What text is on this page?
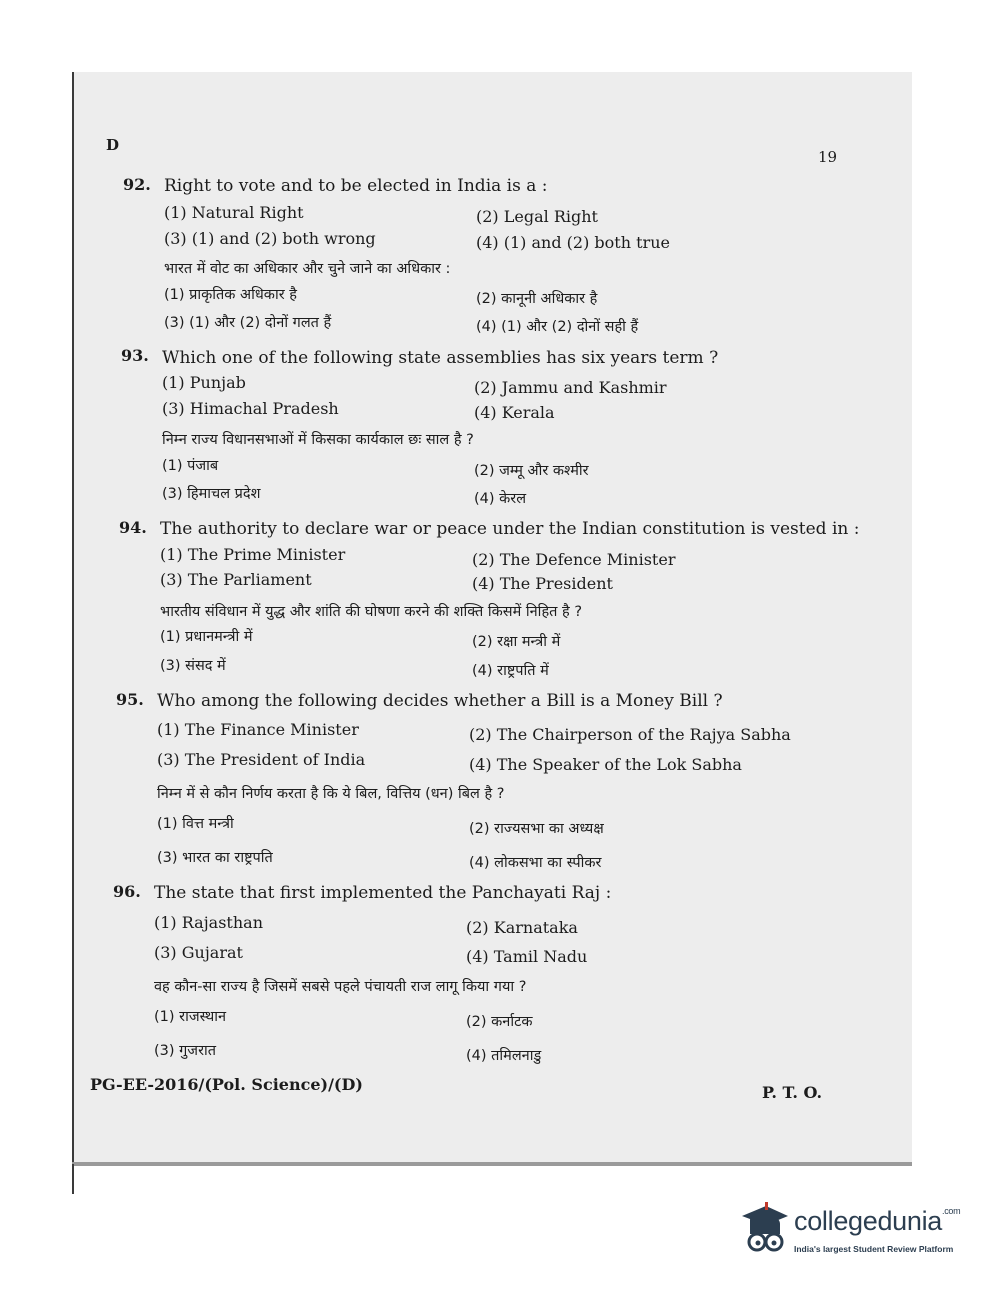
D
19
92. Right to vote and to be elected in India is a :
(1) Natural Right	(2) Legal Right
(3) (1) and (2) both wrong	(4) (1) and (2) both true
भारत में वोट का अधिकार और चुने जाने का अधिकार :
(1) प्राकृतिक अधिकार है	(2) कानूनी अधिकार है
(3) (1) और (2) दोनों गलत हैं	(4) (1) और (2) दोनों सही हैं
93. Which one of the following state assemblies has six years term ?
(1) Punjab	(2) Jammu and Kashmir
(3) Himachal Pradesh	(4) Kerala
निम्न राज्य विधानसभाओं में किसका कार्यकाल छः साल है ?
(1) पंजाब	(2) जम्मू और कश्मीर
(3) हिमाचल प्रदेश	(4) केरल
94. The authority to declare war or peace under the Indian constitution is vested in :
(1) The Prime Minister	(2) The Defence Minister
(3) The Parliament	(4) The President
भारतीय संविधान में युद्ध और शांति की घोषणा करने की शक्ति किसमें निहित है ?
(1) प्रधानमन्त्री में	(2) रक्षा मन्त्री में
(3) संसद में	(4) राष्ट्रपति में
95. Who among the following decides whether a Bill is a Money Bill ?
(1) The Finance Minister	(2) The Chairperson of the Rajya Sabha
(3) The President of India	(4) The Speaker of the Lok Sabha
निम्न में से कौन निर्णय करता है कि ये बिल, वित्तिय (धन) बिल है ?
(1) वित्त मन्त्री	(2) राज्यसभा का अध्यक्ष
(3) भारत का राष्ट्रपति	(4) लोकसभा का स्पीकर
96. The state that first implemented the Panchayati Raj :
(1) Rajasthan	(2) Karnataka
(3) Gujarat	(4) Tamil Nadu
वह कौन-सा राज्य है जिसमें सबसे पहले पंचायती राज लागू किया गया ?
(1) राजस्थान	(2) कर्नाटक
(3) गुजरात	(4) तमिलनाडु
PG-EE-2016/(Pol. Science)/(D)	P. T. O.
collegedunia$^{.com}$
India's largest Student Review Platform
